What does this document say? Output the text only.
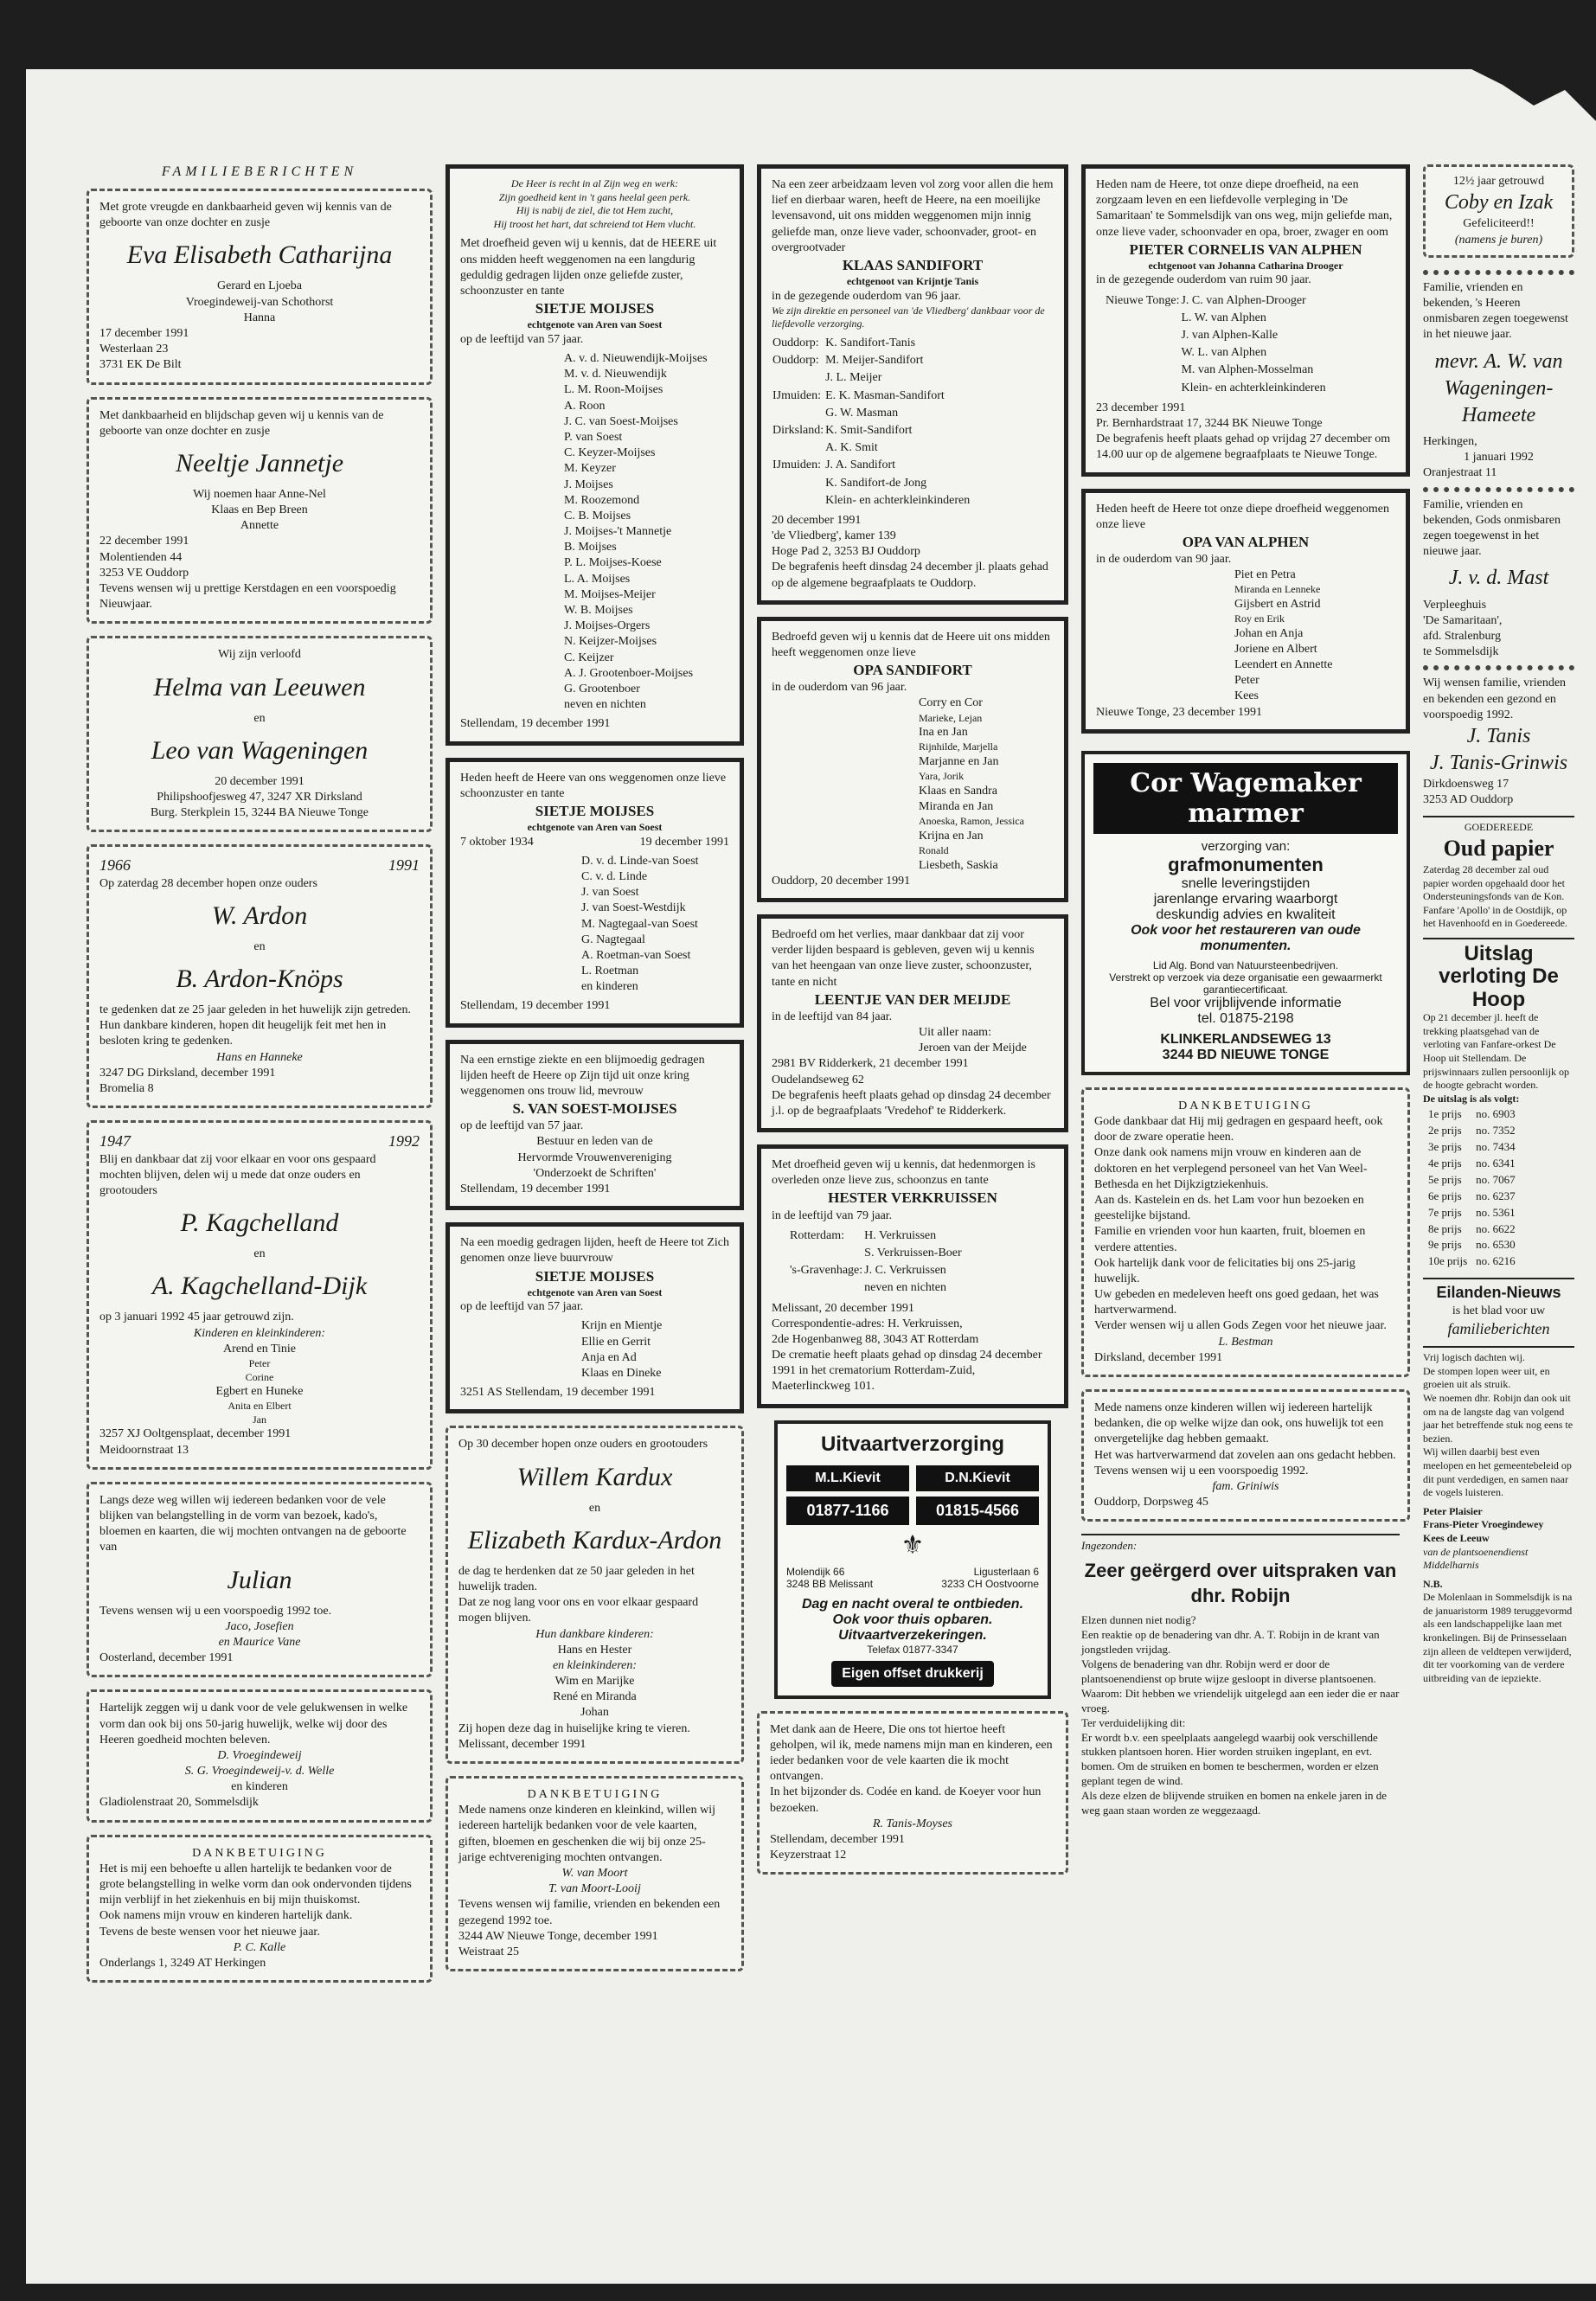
FAMILIEBERICHTEN
Met grote vreugde en dankbaarheid geven wij kennis van de geboorte van onze dochter en zusje
Eva Elisabeth Catharijna
Gerard en Ljoeba
Vroegindeweij-van Schothorst
Hanna
17 december 1991
Westerlaan 23
3731 EK De Bilt
Met dankbaarheid en blijdschap geven wij u kennis van de geboorte van onze dochter en zusje
Neeltje Jannetje
Wij noemen haar Anne-Nel
Klaas en Bep Breen
Annette
22 december 1991
Molentienden 44
3253 VE Ouddorp
Tevens wensen wij u prettige Kerstdagen en een voorspoedig Nieuwjaar.
Wij zijn verloofd
Helma van Leeuwen
en
Leo van Wageningen
20 december 1991
Philipshoofjesweg 47, 3247 XR Dirksland
Burg. Sterkplein 15, 3244 BA Nieuwe Tonge
1966	1991
Op zaterdag 28 december hopen onze ouders
W. Ardon
en
B. Ardon-Knöps
te gedenken dat ze 25 jaar geleden in het huwelijk zijn getreden.
Hun dankbare kinderen, hopen dit heugelijk feit met hen in besloten kring te gedenken.
Hans en Hanneke
3247 DG Dirksland, december 1991
Bromelia 8
1947	1992
Blij en dankbaar dat zij voor elkaar en voor ons gespaard mochten blijven, delen wij u mede dat onze ouders en grootouders
P. Kagchelland
en
A. Kagchelland-Dijk
op 3 januari 1992 45 jaar getrouwd zijn.
Kinderen en kleinkinderen:
Arend en Tinie
Peter
Corine
Egbert en Huneke
Anita en Elbert
Jan
3257 XJ Ooltgensplaat, december 1991
Meidoornstraat 13
Langs deze weg willen wij iedereen bedanken voor de vele blijken van belangstelling in de vorm van bezoek, kado's, bloemen en kaarten, die wij mochten ontvangen na de geboorte van
Julian
Tevens wensen wij u een voorspoedig 1992 toe.
Jaco, Josefien
en Maurice Vane
Oosterland, december 1991
Hartelijk zeggen wij u dank voor de vele gelukwensen in welke vorm dan ook bij ons 50-jarig huwelijk, welke wij door des Heeren goedheid mochten beleven.
D. Vroegindeweij
S. G. Vroegindeweij-v. d. Welle
en kinderen
Gladiolenstraat 20, Sommelsdijk
DANKBETUIGING
Het is mij een behoefte u allen hartelijk te bedanken voor de grote belangstelling in welke vorm dan ook ondervonden tijdens mijn verblijf in het ziekenhuis en bij mijn thuiskomst.
Ook namens mijn vrouw en kinderen hartelijk dank.
Tevens de beste wensen voor het nieuwe jaar.
P. C. Kalle
Onderlangs 1, 3249 AT Herkingen
De Heer is recht in al Zijn weg en werk:
Zijn goedheid kent in 't gans heelal geen perk.
Hij is nabij de ziel, die tot Hem zucht,
Hij troost het hart, dat schreiend tot Hem vlucht.
Met droefheid geven wij u kennis, dat de HEERE uit ons midden heeft weggenomen na een langdurig geduldig gedragen lijden onze geliefde zuster, schoonzuster en tante
SIETJE MOIJSES
echtgenote van Aren van Soest
op de leeftijd van 57 jaar.
A. v. d. Nieuwendijk-Moijses
M. v. d. Nieuwendijk
L. M. Roon-Moijses
A. Roon
J. C. van Soest-Moijses
P. van Soest
C. Keyzer-Moijses
M. Keyzer
J. Moijses
M. Roozemond
C. B. Moijses
J. Moijses-'t Mannetje
B. Moijses
P. L. Moijses-Koese
L. A. Moijses
M. Moijses-Meijer
W. B. Moijses
J. Moijses-Orgers
N. Keijzer-Moijses
C. Keijzer
A. J. Grootenboer-Moijses
G. Grootenboer
neven en nichten
Stellendam, 19 december 1991
Heden heeft de Heere van ons weggenomen onze lieve schoonzuster en tante
SIETJE MOIJSES
echtgenote van Aren van Soest
7 oktober 1934	19 december 1991
D. v. d. Linde-van Soest
C. v. d. Linde
J. van Soest
J. van Soest-Westdijk
M. Nagtegaal-van Soest
G. Nagtegaal
A. Roetman-van Soest
L. Roetman
en kinderen
Stellendam, 19 december 1991
Na een ernstige ziekte en een blijmoedig gedragen lijden heeft de Heere op Zijn tijd uit onze kring weggenomen ons trouw lid, mevrouw
S. VAN SOEST-MOIJSES
op de leeftijd van 57 jaar.
Bestuur en leden van de
Hervormde Vrouwenvereniging
'Onderzoekt de Schriften'
Stellendam, 19 december 1991
Na een moedig gedragen lijden, heeft de Heere tot Zich genomen onze lieve buurvrouw
SIETJE MOIJSES
echtgenote van Aren van Soest
op de leeftijd van 57 jaar.
Krijn en Mientje
Ellie en Gerrit
Anja en Ad
Klaas en Dineke
3251 AS Stellendam, 19 december 1991
Op 30 december hopen onze ouders en grootouders
Willem Kardux
en
Elizabeth Kardux-Ardon
de dag te herdenken dat ze 50 jaar geleden in het huwelijk traden.
Dat ze nog lang voor ons en voor elkaar gespaard mogen blijven.
Hun dankbare kinderen:
Hans en Hester
en kleinkinderen:
Wim en Marijke
René en Miranda
Johan
Zij hopen deze dag in huiselijke kring te vieren.
Melissant, december 1991
DANKBETUIGING
Mede namens onze kinderen en kleinkind, willen wij iedereen hartelijk bedanken voor de vele kaarten, giften, bloemen en geschenken die wij bij onze 25-jarige echtvereniging mochten ontvangen.
W. van Moort
T. van Moort-Looij
Tevens wensen wij familie, vrienden en bekenden een gezegend 1992 toe.
3244 AW Nieuwe Tonge, december 1991
Weistraat 25
Na een zeer arbeidzaam leven vol zorg voor allen die hem lief en dierbaar waren, heeft de Heere, na een moeilijke levensavond, uit ons midden weggenomen mijn innig geliefde man, onze lieve vader, schoonvader, groot- en overgrootvader
KLAAS SANDIFORT
echtgenoot van Krijntje Tanis
in de gezegende ouderdom van 96 jaar.
We zijn direktie en personeel van 'de Vliedberg' dankbaar voor de liefdevolle verzorging.
Ouddorp:	K. Sandifort-Tanis
Ouddorp:	M. Meijer-Sandifort
	J. L. Meijer
IJmuiden:	E. K. Masman-Sandifort
	G. W. Masman
Dirksland:	K. Smit-Sandifort
	A. K. Smit
IJmuiden:	J. A. Sandifort
	K. Sandifort-de Jong
	Klein- en achterkleinkinderen
20 december 1991
'de Vliedberg', kamer 139
Hoge Pad 2, 3253 BJ Ouddorp
De begrafenis heeft dinsdag 24 december jl. plaats gehad op de algemene begraafplaats te Ouddorp.
Bedroefd geven wij u kennis dat de Heere uit ons midden heeft weggenomen onze lieve
OPA SANDIFORT
in de ouderdom van 96 jaar.
Corry en Cor
Marieke, Lejan
Ina en Jan
Rijnhilde, Marjella
Marjanne en Jan
Yara, Jorik
Klaas en Sandra
Miranda en Jan
Anoeska, Ramon, Jessica
Krijna en Jan
Ronald
Liesbeth, Saskia
Ouddorp, 20 december 1991
Bedroefd om het verlies, maar dankbaar dat zij voor verder lijden bespaard is gebleven, geven wij u kennis van het heengaan van onze lieve zuster, schoonzuster, tante en nicht
LEENTJE VAN DER MEIJDE
in de leeftijd van 84 jaar.
Uit aller naam:
Jeroen van der Meijde
2981 BV Ridderkerk, 21 december 1991
Oudelandseweg 62
De begrafenis heeft plaats gehad op dinsdag 24 december j.l. op de begraafplaats 'Vredehof' te Ridderkerk.
Met droefheid geven wij u kennis, dat hedenmorgen is overleden onze lieve zus, schoonzus en tante
HESTER VERKRUISSEN
in de leeftijd van 79 jaar.
Rotterdam:	H. Verkruissen
	S. Verkruissen-Boer
's-Gravenhage:	J. C. Verkruissen
	neven en nichten
Melissant, 20 december 1991
Correspondentie-adres: H. Verkruissen,
2de Hogenbanweg 88, 3043 AT Rotterdam
De crematie heeft plaats gehad op dinsdag 24 december 1991 in het crematorium Rotterdam-Zuid, Maeterlinckweg 101.
Uitvaartverzorging
M.L.Kievit	D.N.Kievit
01877-1166	01815-4566
⚜
Molendijk 66	Ligusterlaan 6
3248 BB Melissant	3233 CH Oostvoorne
Dag en nacht overal te ontbieden.
Ook voor thuis opbaren.
Uitvaartverzekeringen.
Telefax 01877-3347
Eigen offset drukkerij
Met dank aan de Heere, Die ons tot hiertoe heeft geholpen, wil ik, mede namens mijn man en kinderen, een ieder bedanken voor de vele kaarten die ik mocht ontvangen.
In het bijzonder ds. Codée en kand. de Koeyer voor hun bezoeken.
R. Tanis-Moyses
Stellendam, december 1991
Keyzerstraat 12
Heden nam de Heere, tot onze diepe droefheid, na een zorgzaam leven en een liefdevolle verpleging in 'De Samaritaan' te Sommelsdijk van ons weg, mijn geliefde man, onze lieve vader, schoonvader en opa, broer, zwager en oom
PIETER CORNELIS VAN ALPHEN
echtgenoot van Johanna Catharina Drooger
in de gezegende ouderdom van ruim 90 jaar.
Nieuwe Tonge:	J. C. van Alphen-Drooger
	L. W. van Alphen
	J. van Alphen-Kalle
	W. L. van Alphen
	M. van Alphen-Mosselman
	Klein- en achterkleinkinderen
23 december 1991
Pr. Bernhardstraat 17, 3244 BK Nieuwe Tonge
De begrafenis heeft plaats gehad op vrijdag 27 december om 14.00 uur op de algemene begraafplaats te Nieuwe Tonge.
Heden heeft de Heere tot onze diepe droefheid weggenomen onze lieve
OPA VAN ALPHEN
in de ouderdom van 90 jaar.
Piet en Petra
Miranda en Lenneke
Gijsbert en Astrid
Roy en Erik
Johan en Anja
Joriene en Albert
Leendert en Annette
Peter
Kees
Nieuwe Tonge, 23 december 1991
Cor Wagemaker marmer
verzorging van:
grafmonumenten
snelle leveringstijden
jarenlange ervaring waarborgt
deskundig advies en kwaliteit
Ook voor het restaureren van oude monumenten.
Lid Alg. Bond van Natuursteenbedrijven.
Verstrekt op verzoek via deze organisatie een gewaarmerkt garantiecertificaat.
Bel voor vrijblijvende informatie
tel. 01875-2198
KLINKERLANDSEWEG 13
3244 BD NIEUWE TONGE
DANKBETUIGING
Gode dankbaar dat Hij mij gedragen en gespaard heeft, ook door de zware operatie heen.
Onze dank ook namens mijn vrouw en kinderen aan de doktoren en het verplegend personeel van het Van Weel-Bethesda en het Dijkzigtziekenhuis.
Aan ds. Kastelein en ds. het Lam voor hun bezoeken en geestelijke bijstand.
Familie en vrienden voor hun kaarten, fruit, bloemen en verdere attenties.
Ook hartelijk dank voor de felicitaties bij ons 25-jarig huwelijk.
Uw gebeden en medeleven heeft ons goed gedaan, het was hartverwarmend.
Verder wensen wij u allen Gods Zegen voor het nieuwe jaar.
L. Bestman
Dirksland, december 1991
Mede namens onze kinderen willen wij iedereen hartelijk bedanken, die op welke wijze dan ook, ons huwelijk tot een onvergetelijke dag hebben gemaakt.
Het was hartverwarmend dat zovelen aan ons gedacht hebben.
Tevens wensen wij u een voorspoedig 1992.
fam. Griniwis
Ouddorp, Dorpsweg 45
Ingezonden:
Zeer geërgerd over uitspraken van dhr. Robijn
Elzen dunnen niet nodig?
Een reaktie op de benadering van dhr. A. T. Robijn in de krant van jongstleden vrijdag.
Volgens de benadering van dhr. Robijn werd er door de plantsoenendienst op brute wijze gesloopt in diverse plantsoenen.
Waarom: Dit hebben we vriendelijk uitgelegd aan een ieder die er naar vroeg.
Ter verduidelijking dit:
Er wordt b.v. een speelplaats aangelegd waarbij ook verschillende stukken plantsoen horen. Hier worden struiken ingeplant, en evt. bomen. Om de struiken en bomen te beschermen, worden er elzen geplant tegen de wind.
Als deze elzen de blijvende struiken en bomen na enkele jaren in de weg gaan staan worden ze weggezaagd.
12½ jaar getrouwd
Coby en Izak
Gefeliciteerd!!
(namens je buren)
Familie, vrienden en bekenden, 's Heeren onmisbaren zegen toegewenst in het nieuwe jaar.
mevr. A. W. van Wageningen-Hameete
Herkingen,
1 januari 1992
Oranjestraat 11
Familie, vrienden en bekenden, Gods onmisbaren zegen toegewenst in het nieuwe jaar.
J. v. d. Mast
Verpleeghuis
'De Samaritaan',
afd. Stralenburg
te Sommelsdijk
Wij wensen familie, vrienden en bekenden een gezond en voorspoedig 1992.
J. Tanis
J. Tanis-Grinwis
Dirkdoensweg 17
3253 AD Ouddorp
GOEDEREEDE
Oud papier
Zaterdag 28 december zal oud papier worden opgehaald door het Ondersteuningsfonds van de Kon. Fanfare 'Apollo' in de Oostdijk, op het Havenhoofd en in Goedereede.
Uitslag verloting De Hoop
Op 21 december jl. heeft de trekking plaatsgehad van de verloting van Fanfare-orkest De Hoop uit Stellendam. De prijswinnaars zullen persoonlijk op de hoogte gebracht worden.
De uitslag is als volgt:
1e prijs	no. 6903
2e prijs	no. 7352
3e prijs	no. 7434
4e prijs	no. 6341
5e prijs	no. 7067
6e prijs	no. 6237
7e prijs	no. 5361
8e prijs	no. 6622
9e prijs	no. 6530
10e prijs	no. 6216
Eilanden-Nieuws
is het blad voor uw
familieberichten
Vrij logisch dachten wij.
De stompen lopen weer uit, en groeien uit als struik.
We noemen dhr. Robijn dan ook uit om na de langste dag van volgend jaar het betreffende stuk nog eens te bezien.
Wij willen daarbij best even meelopen en het gemeentebeleid op dit punt verdedigen, en samen naar de vogels luisteren.
Peter Plaisier
Frans-Pieter Vroegindewey
Kees de Leeuw
van de plantsoenendienst
Middelharnis
N.B.
De Molenlaan in Sommelsdijk is na de januaristorm 1989 teruggevormd als een landschappelijke laan met kronkelingen. Bij de Prinsesselaan zijn alleen de veldtepen verwijderd, dit ter voorkoming van de verdere uitbreiding van de iepziekte.
